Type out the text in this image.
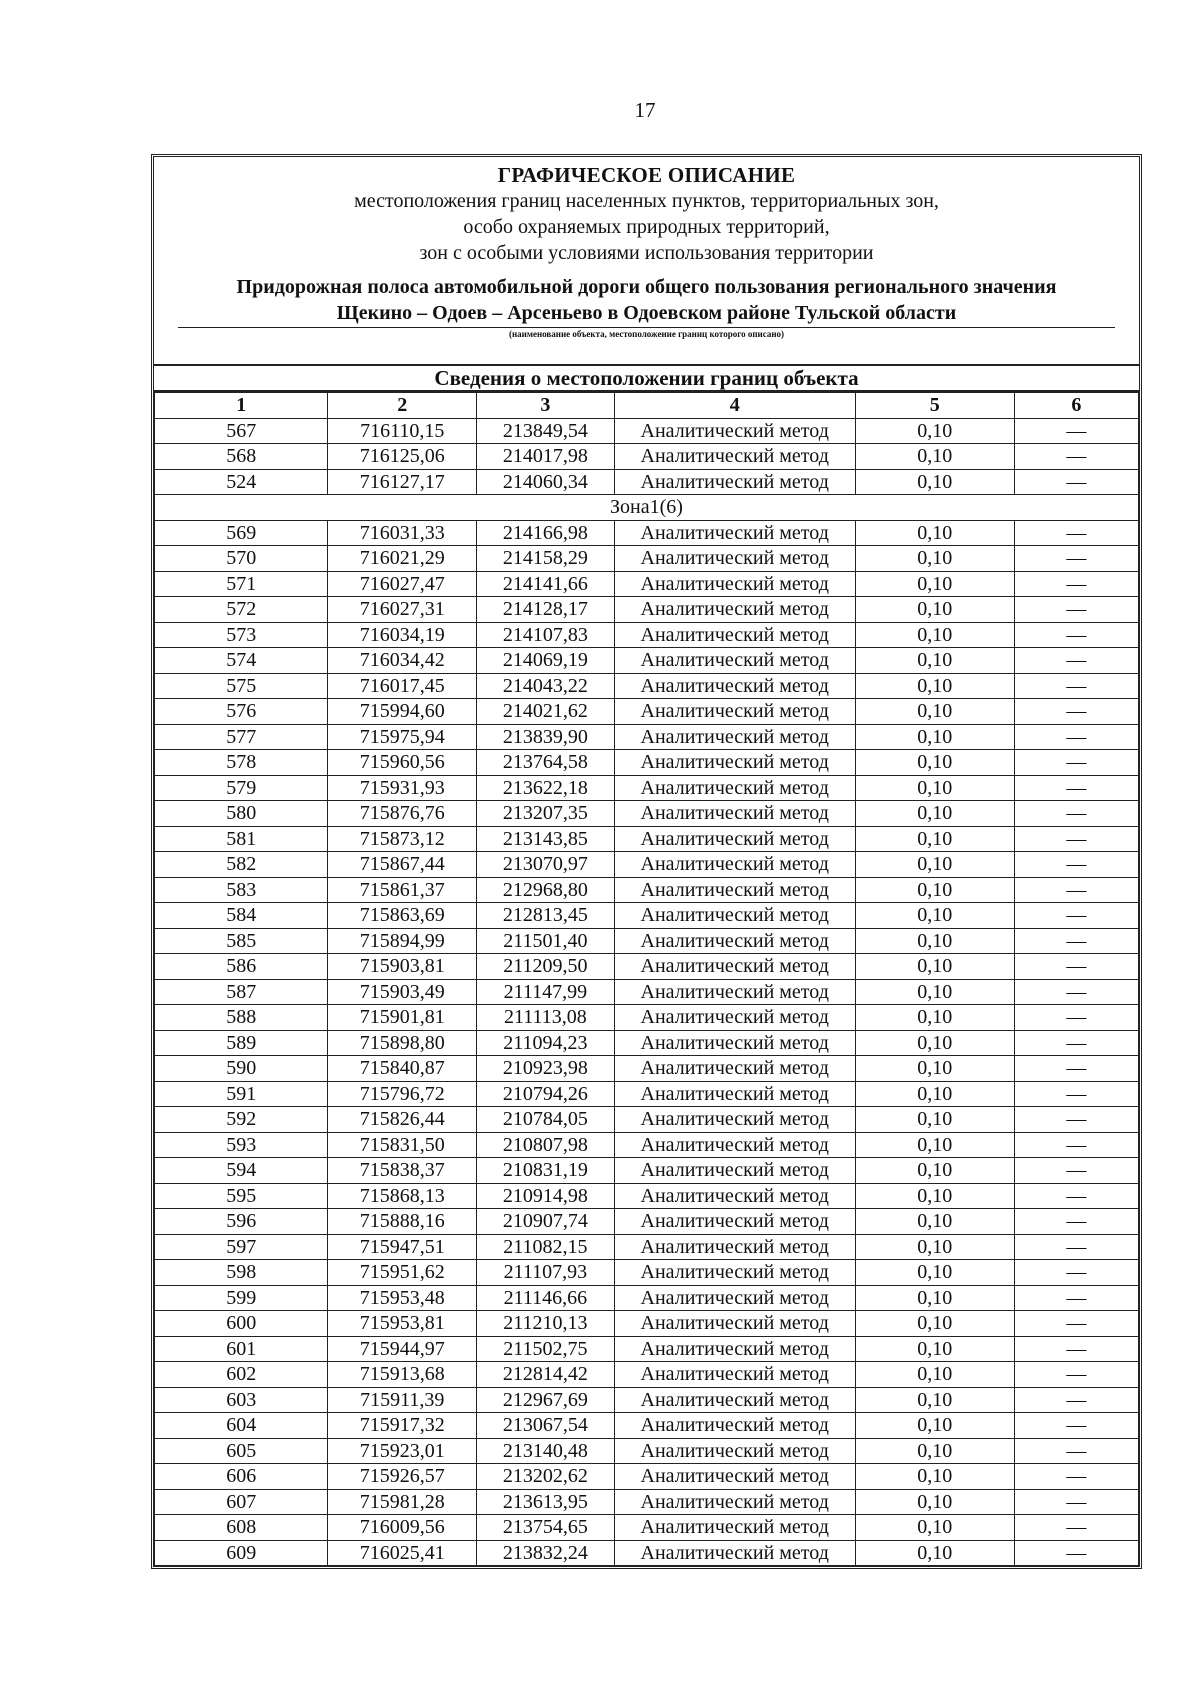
17
ГРАФИЧЕСКОЕ ОПИСАНИЕ
местоположения границ населенных пунктов, территориальных зон,
особо охраняемых природных территорий,
зон с особыми условиями использования территории
Придорожная полоса автомобильной дороги общего пользования регионального значения
Щекино – Одоев – Арсеньево в Одоевском районе Тульской области
(наименование объекта, местоположение границ которого описано)
Сведения о местоположении границ объекта
1	2	3	4	5	6
567	716110,15	213849,54	Аналитический метод	0,10	—
568	716125,06	214017,98	Аналитический метод	0,10	—
524	716127,17	214060,34	Аналитический метод	0,10	—
Зона1(6)					
569	716031,33	214166,98	Аналитический метод	0,10	—
570	716021,29	214158,29	Аналитический метод	0,10	—
571	716027,47	214141,66	Аналитический метод	0,10	—
572	716027,31	214128,17	Аналитический метод	0,10	—
573	716034,19	214107,83	Аналитический метод	0,10	—
574	716034,42	214069,19	Аналитический метод	0,10	—
575	716017,45	214043,22	Аналитический метод	0,10	—
576	715994,60	214021,62	Аналитический метод	0,10	—
577	715975,94	213839,90	Аналитический метод	0,10	—
578	715960,56	213764,58	Аналитический метод	0,10	—
579	715931,93	213622,18	Аналитический метод	0,10	—
580	715876,76	213207,35	Аналитический метод	0,10	—
581	715873,12	213143,85	Аналитический метод	0,10	—
582	715867,44	213070,97	Аналитический метод	0,10	—
583	715861,37	212968,80	Аналитический метод	0,10	—
584	715863,69	212813,45	Аналитический метод	0,10	—
585	715894,99	211501,40	Аналитический метод	0,10	—
586	715903,81	211209,50	Аналитический метод	0,10	—
587	715903,49	211147,99	Аналитический метод	0,10	—
588	715901,81	211113,08	Аналитический метод	0,10	—
589	715898,80	211094,23	Аналитический метод	0,10	—
590	715840,87	210923,98	Аналитический метод	0,10	—
591	715796,72	210794,26	Аналитический метод	0,10	—
592	715826,44	210784,05	Аналитический метод	0,10	—
593	715831,50	210807,98	Аналитический метод	0,10	—
594	715838,37	210831,19	Аналитический метод	0,10	—
595	715868,13	210914,98	Аналитический метод	0,10	—
596	715888,16	210907,74	Аналитический метод	0,10	—
597	715947,51	211082,15	Аналитический метод	0,10	—
598	715951,62	211107,93	Аналитический метод	0,10	—
599	715953,48	211146,66	Аналитический метод	0,10	—
600	715953,81	211210,13	Аналитический метод	0,10	—
601	715944,97	211502,75	Аналитический метод	0,10	—
602	715913,68	212814,42	Аналитический метод	0,10	—
603	715911,39	212967,69	Аналитический метод	0,10	—
604	715917,32	213067,54	Аналитический метод	0,10	—
605	715923,01	213140,48	Аналитический метод	0,10	—
606	715926,57	213202,62	Аналитический метод	0,10	—
607	715981,28	213613,95	Аналитический метод	0,10	—
608	716009,56	213754,65	Аналитический метод	0,10	—
609	716025,41	213832,24	Аналитический метод	0,10	—
